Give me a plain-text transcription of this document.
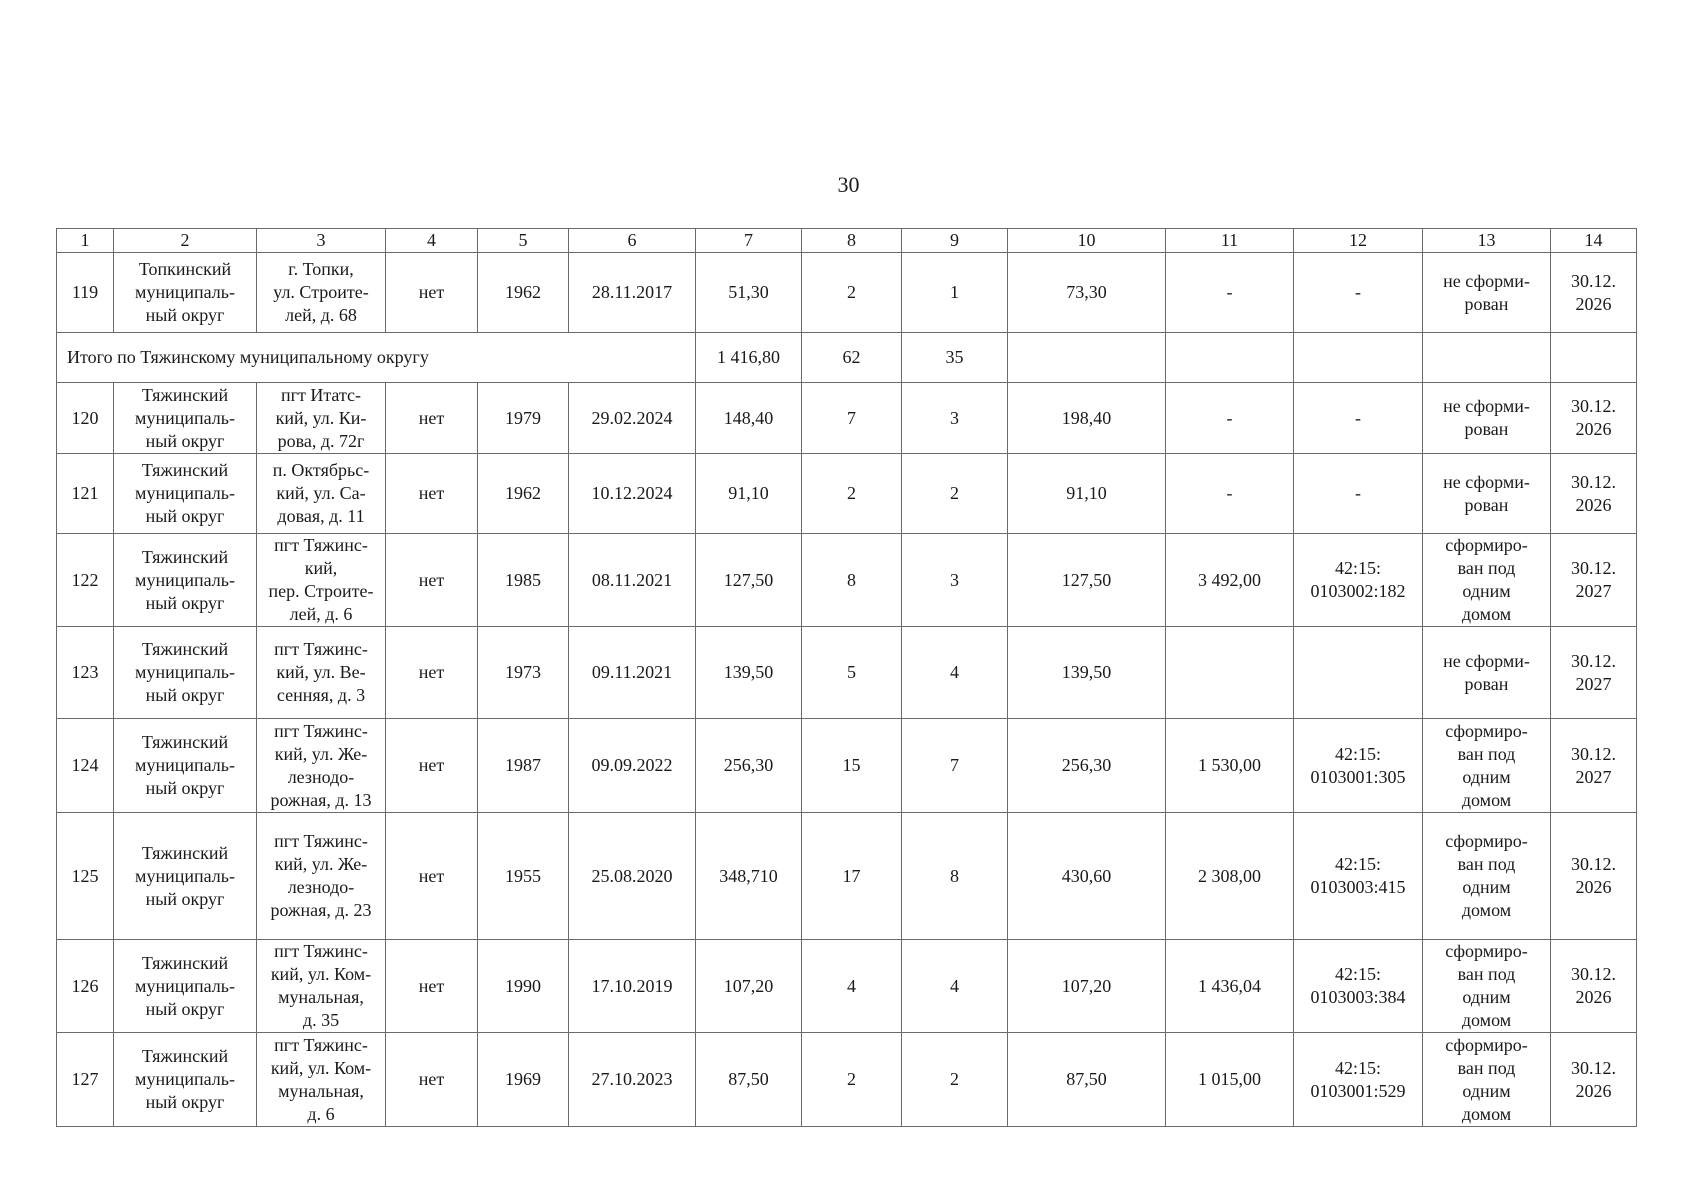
30
1	2	3	4	5	6	7	8	9	10	11	12	13	14
119	Топкинский
муниципаль-
ный округ	г. Топки,
ул. Строите-
лей, д. 68	нет	1962	28.11.2017	51,30	2	1	73,30	-	-	не сформи-
рован	30.12.
2026
Итого по Тяжинскому муниципальному округу						1 416,80	62	35					
120	Тяжинский
муниципаль-
ный округ	пгт Итатс-
кий, ул. Ки-
рова, д. 72г	нет	1979	29.02.2024	148,40	7	3	198,40	-	-	не сформи-
рован	30.12.
2026
121	Тяжинский
муниципаль-
ный округ	п. Октябрьс-
кий, ул. Са-
довая, д. 11	нет	1962	10.12.2024	91,10	2	2	91,10	-	-	не сформи-
рован	30.12.
2026
122	Тяжинский
муниципаль-
ный округ	пгт Тяжинс-
кий,
пер. Строите-
лей, д. 6	нет	1985	08.11.2021	127,50	8	3	127,50	3 492,00	42:15:
0103002:182	сформиро-
ван под
одним
домом	30.12.
2027
123	Тяжинский
муниципаль-
ный округ	пгт Тяжинс-
кий, ул. Ве-
сенняя, д. 3	нет	1973	09.11.2021	139,50	5	4	139,50			не сформи-
рован	30.12.
2027
124	Тяжинский
муниципаль-
ный округ	пгт Тяжинс-
кий, ул. Же-
лезнодо-
рожная, д. 13	нет	1987	09.09.2022	256,30	15	7	256,30	1 530,00	42:15:
0103001:305	сформиро-
ван под
одним
домом	30.12.
2027
125	Тяжинский
муниципаль-
ный округ	пгт Тяжинс-
кий, ул. Же-
лезнодо-
рожная, д. 23	нет	1955	25.08.2020	348,710	17	8	430,60	2 308,00	42:15:
0103003:415	сформиро-
ван под
одним
домом	30.12.
2026
126	Тяжинский
муниципаль-
ный округ	пгт Тяжинс-
кий, ул. Ком-
мунальная,
д. 35	нет	1990	17.10.2019	107,20	4	4	107,20	1 436,04	42:15:
0103003:384	сформиро-
ван под
одним
домом	30.12.
2026
127	Тяжинский
муниципаль-
ный округ	пгт Тяжинс-
кий, ул. Ком-
мунальная,
д. 6	нет	1969	27.10.2023	87,50	2	2	87,50	1 015,00	42:15:
0103001:529	сформиро-
ван под
одним
домом	30.12.
2026
